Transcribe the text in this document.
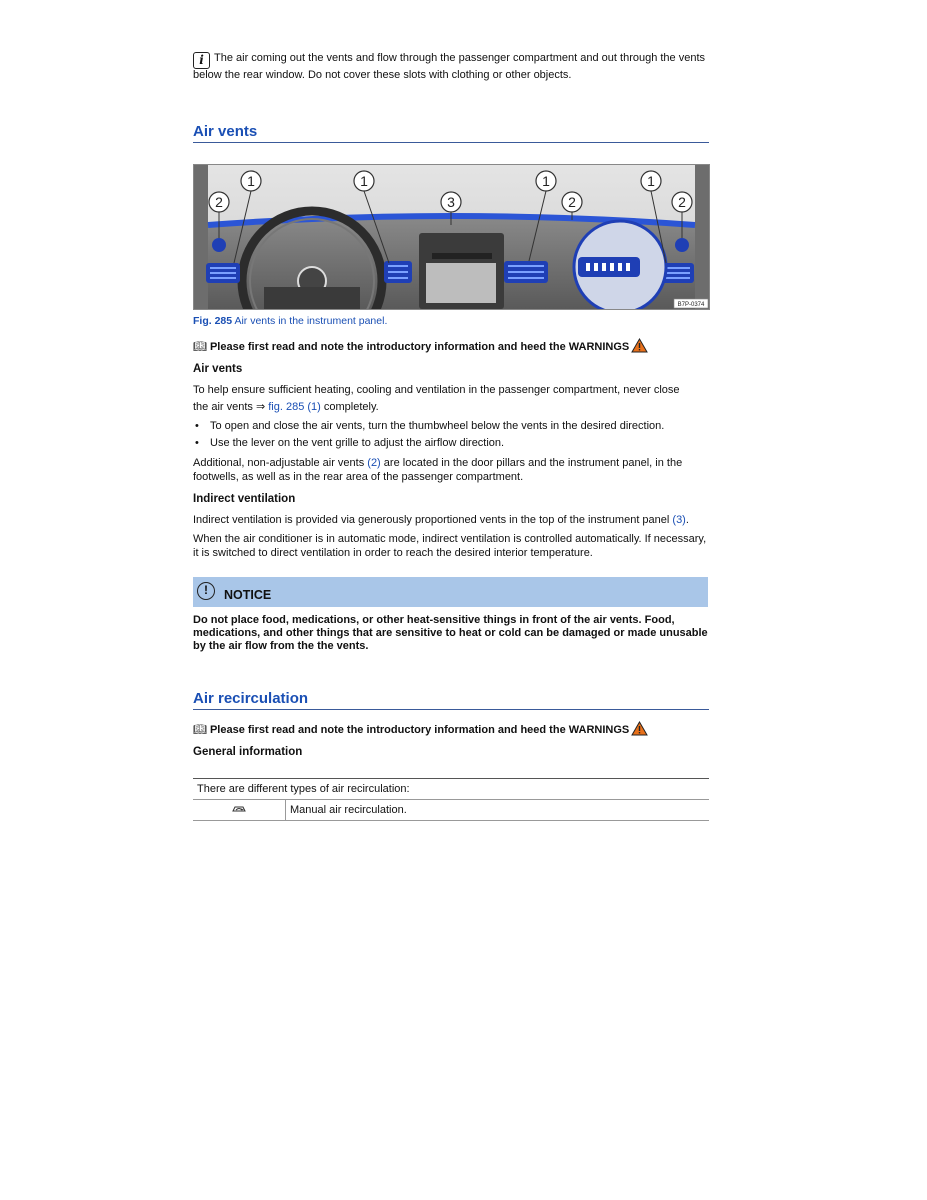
i The air coming out the vents and flow through the passenger compartment and out through the vents below the rear window. Do not cover these slots with clothing or other objects.
Air vents
B7P-0374
1	1
3
1
2
1
2	2
Fig. 285 Air vents in the instrument panel.
📖︎ Please first read and note the introductory information and heed the WARNINGS
Air vents

To help ensure sufficient heating, cooling and ventilation in the passenger compartment, never close

the air vents ⇒ fig. 285 (1) completely.

• To open and close the air vents, turn the thumbwheel below the vents in the desired direction.
• Use the lever on the vent grille to adjust the airflow direction.

Additional, non-adjustable air vents (2) are located in the door pillars and the instrument panel, in the footwells, as well as in the rear area of the passenger compartment.

Indirect ventilation

Indirect ventilation is provided via generously proportioned vents in the top of the instrument panel (3).

When the air conditioner is in automatic mode, indirect ventilation is controlled automatically. If necessary, it is switched to direct ventilation in order to reach the desired interior temperature.

!	NOTICE
Do not place food, medications, or other heat-sensitive things in front of the air vents. Food, medications, and other things that are sensitive to heat or cold can be damaged or made unusable by the air flow from the the vents.
Air recirculation
📖︎ Please first read and note the introductory information and heed the WARNINGS
General information
There are different types of air recirculation:
	Manual air recirculation.
